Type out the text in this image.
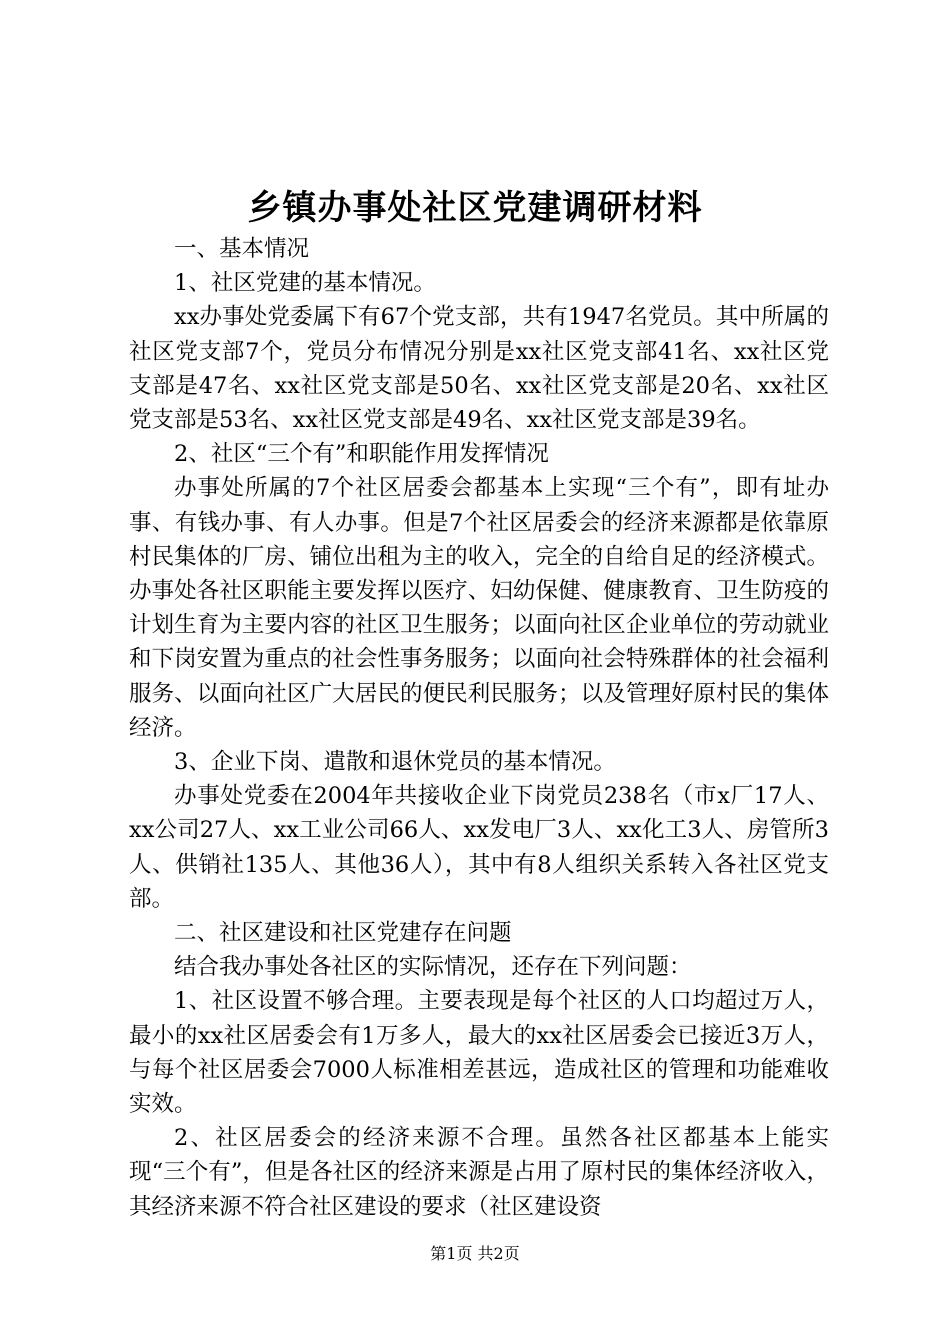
乡镇办事处社区党建调研材料

一、基本情况

1、社区党建的基本情况。

xx办事处党委属下有67个党支部，共有1947名党员。其中所属的社区党支部7个，党员分布情况分别是xx社区党支部41名、xx社区党支部是47名、xx社区党支部是50名、xx社区党支部是20名、xx社区党支部是53名、xx社区党支部是49名、xx社区党支部是39名。

2、社区“三个有”和职能作用发挥情况

办事处所属的7个社区居委会都基本上实现“三个有”，即有址办事、有钱办事、有人办事。但是7个社区居委会的经济来源都是依靠原村民集体的厂房、铺位出租为主的收入，完全的自给自足的经济模式。办事处各社区职能主要发挥以医疗、妇幼保健、健康教育、卫生防疫的计划生育为主要内容的社区卫生服务；以面向社区企业单位的劳动就业和下岗安置为重点的社会性事务服务；以面向社会特殊群体的社会福利服务、以面向社区广大居民的便民利民服务；以及管理好原村民的集体经济。

3、企业下岗、遣散和退休党员的基本情况。

办事处党委在2004年共接收企业下岗党员238名（市x厂17人、xx公司27人、xx工业公司66人、xx发电厂3人、xx化工3人、房管所3人、供销社135人、其他36人），其中有8人组织关系转入各社区党支部。

二、社区建设和社区党建存在问题

结合我办事处各社区的实际情况，还存在下列问题：

1、社区设置不够合理。主要表现是每个社区的人口均超过万人，最小的xx社区居委会有1万多人，最大的xx社区居委会已接近3万人，与每个社区居委会7000人标准相差甚远，造成社区的管理和功能难收实效。

2、社区居委会的经济来源不合理。虽然各社区都基本上能实现“三个有”，但是各社区的经济来源是占用了原村民的集体经济收入，其经济来源不符合社区建设的要求（社区建设资

第1页 共2页
